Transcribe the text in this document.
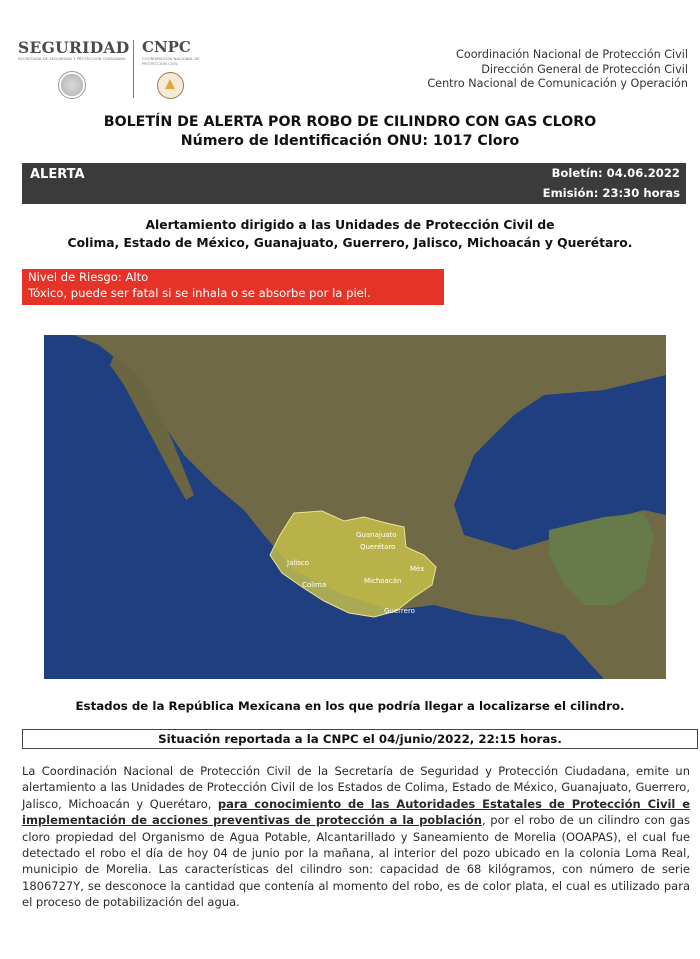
SEGURIDAD
SECRETARÍA DE SEGURIDAD Y PROTECCIÓN CIUDADANA
CNPC
COORDINACIÓN NACIONAL DE PROTECCIÓN CIVIL
Coordinación Nacional de Protección Civil
Dirección General de Protección Civil
Centro Nacional de Comunicación y Operación
BOLETÍN DE ALERTA POR ROBO DE CILINDRO CON GAS CLORO
Número de Identificación ONU: 1017 Cloro
ALERTA	Boletín: 04.06.2022
Emisión: 23:30 horas
Alertamiento dirigido a las Unidades de Protección Civil de
Colima, Estado de México, Guanajuato, Guerrero, Jalisco, Michoacán y Querétaro.
Nivel de Riesgo: Alto
Tóxico, puede ser fatal si se inhala o se absorbe por la piel.
Jalisco
Colima
Guanajuato
Querétaro
Michoacán
Méx
Guerrero
Estados de la República Mexicana en los que podría llegar a localizarse el cilindro.
Situación reportada a la CNPC el 04/junio/2022, 22:15 horas.
La Coordinación Nacional de Protección Civil de la Secretaría de Seguridad y Protección Ciudadana, emite un alertamiento a las Unidades de Protección Civil de los Estados de Colima, Estado de México, Guanajuato, Guerrero, Jalisco, Michoacán y Querétaro, para conocimiento de las Autoridades Estatales de Protección Civil e implementación de acciones preventivas de protección a la población, por el robo de un cilindro con gas cloro propiedad del Organismo de Agua Potable, Alcantarillado y Saneamiento de Morelia (OOAPAS), el cual fue detectado el robo el día de hoy 04 de junio por la mañana, al interior del pozo ubicado en la colonia Loma Real, municipio de Morelia. Las características del cilindro son: capacidad de 68 kilógramos, con número de serie 1806727Y, se desconoce la cantidad que contenía al momento del robo, es de color plata, el cual es utilizado para el proceso de potabilización del agua.
